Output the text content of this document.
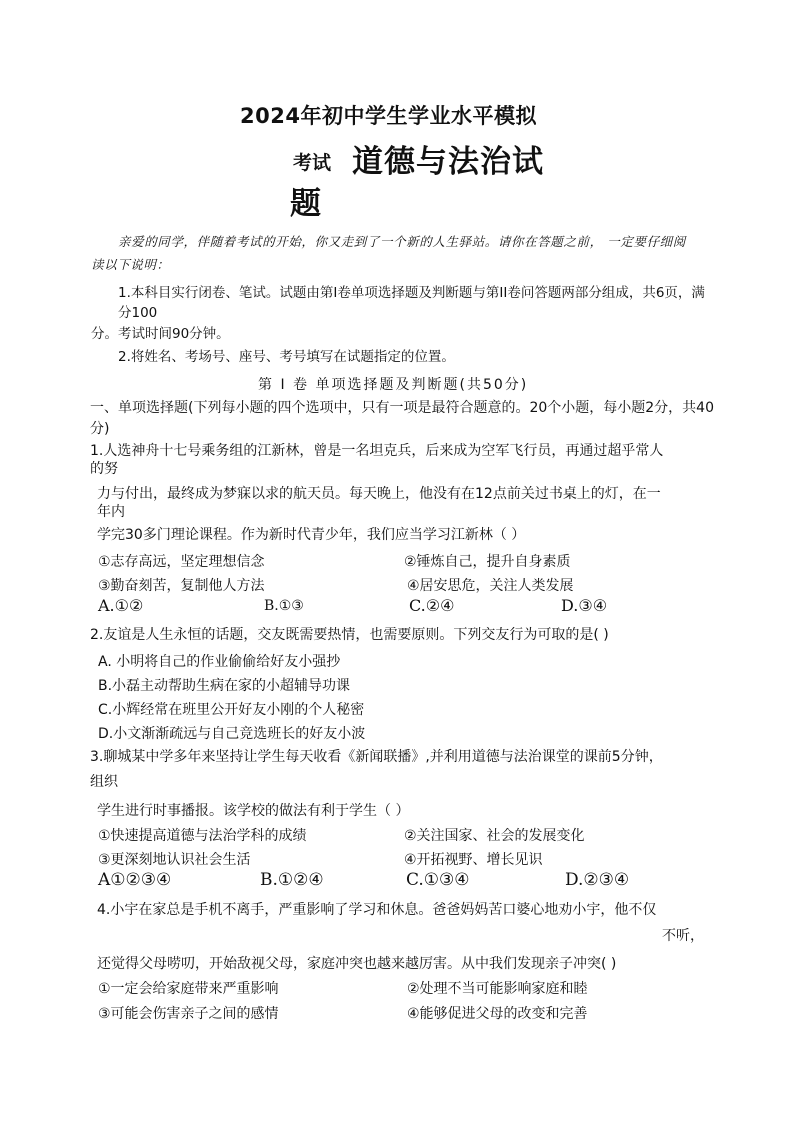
2024年初中学生学业水平模拟
考试 道德与法治试
题
亲爱的同学，伴随着考试的开始，你又走到了一个新的人生驿站。请你在答题之前， 一定要仔细阅
读以下说明：
1.本科目实行闭卷、笔试。试题由第I卷单项选择题及判断题与第II卷问答题两部分组成，共6页，满
分100
分。考试时间90分钟。
2.将姓名、考场号、座号、考号填写在试题指定的位置。
第 I 卷 单项选择题及判断题(共50分)
一、单项选择题(下列每小题的四个选项中，只有一项是最符合题意的。20个小题，每小题2分，共40
分)
1.人选神舟十七号乘务组的江新林，曾是一名坦克兵，后来成为空军飞行员，再通过超乎常人
的努
力与付出，最终成为梦寐以求的航天员。每天晚上，他没有在12点前关过书桌上的灯，在一
年内
学完30多门理论课程。作为新时代青少年，我们应当学习江新林（ ）
①志存高远，坚定理想信念	②锤炼自己，提升自身素质
③勤奋刻苦，复制他人方法	④居安思危，关注人类发展
A.①②	B.①③	C.②④	D.③④
2.友谊是人生永恒的话题，交友既需要热情，也需要原则。下列交友行为可取的是( )
A. 小明将自己的作业偷偷给好友小强抄
B.小磊主动帮助生病在家的小超辅导功课
C.小辉经常在班里公开好友小刚的个人秘密
D.小文渐渐疏远与自己竞选班长的好友小波
3.聊城某中学多年来坚持让学生每天收看《新闻联播》,并利用道德与法治课堂的课前5分钟，
组织
学生进行时事播报。该学校的做法有利于学生（ ）
①快速提高道德与法治学科的成绩	②关注国家、社会的发展变化
③更深刻地认识社会生活	④开拓视野、增长见识
A①②③④	B.①②④	C.①③④	D.②③④
4.小宇在家总是手机不离手，严重影响了学习和休息。爸爸妈妈苦口婆心地劝小宇，他不仅
不听，
还觉得父母唠叨，开始敌视父母，家庭冲突也越来越厉害。从中我们发现亲子冲突( )
①一定会给家庭带来严重影响	②处理不当可能影响家庭和睦
③可能会伤害亲子之间的感情	④能够促进父母的改变和完善
